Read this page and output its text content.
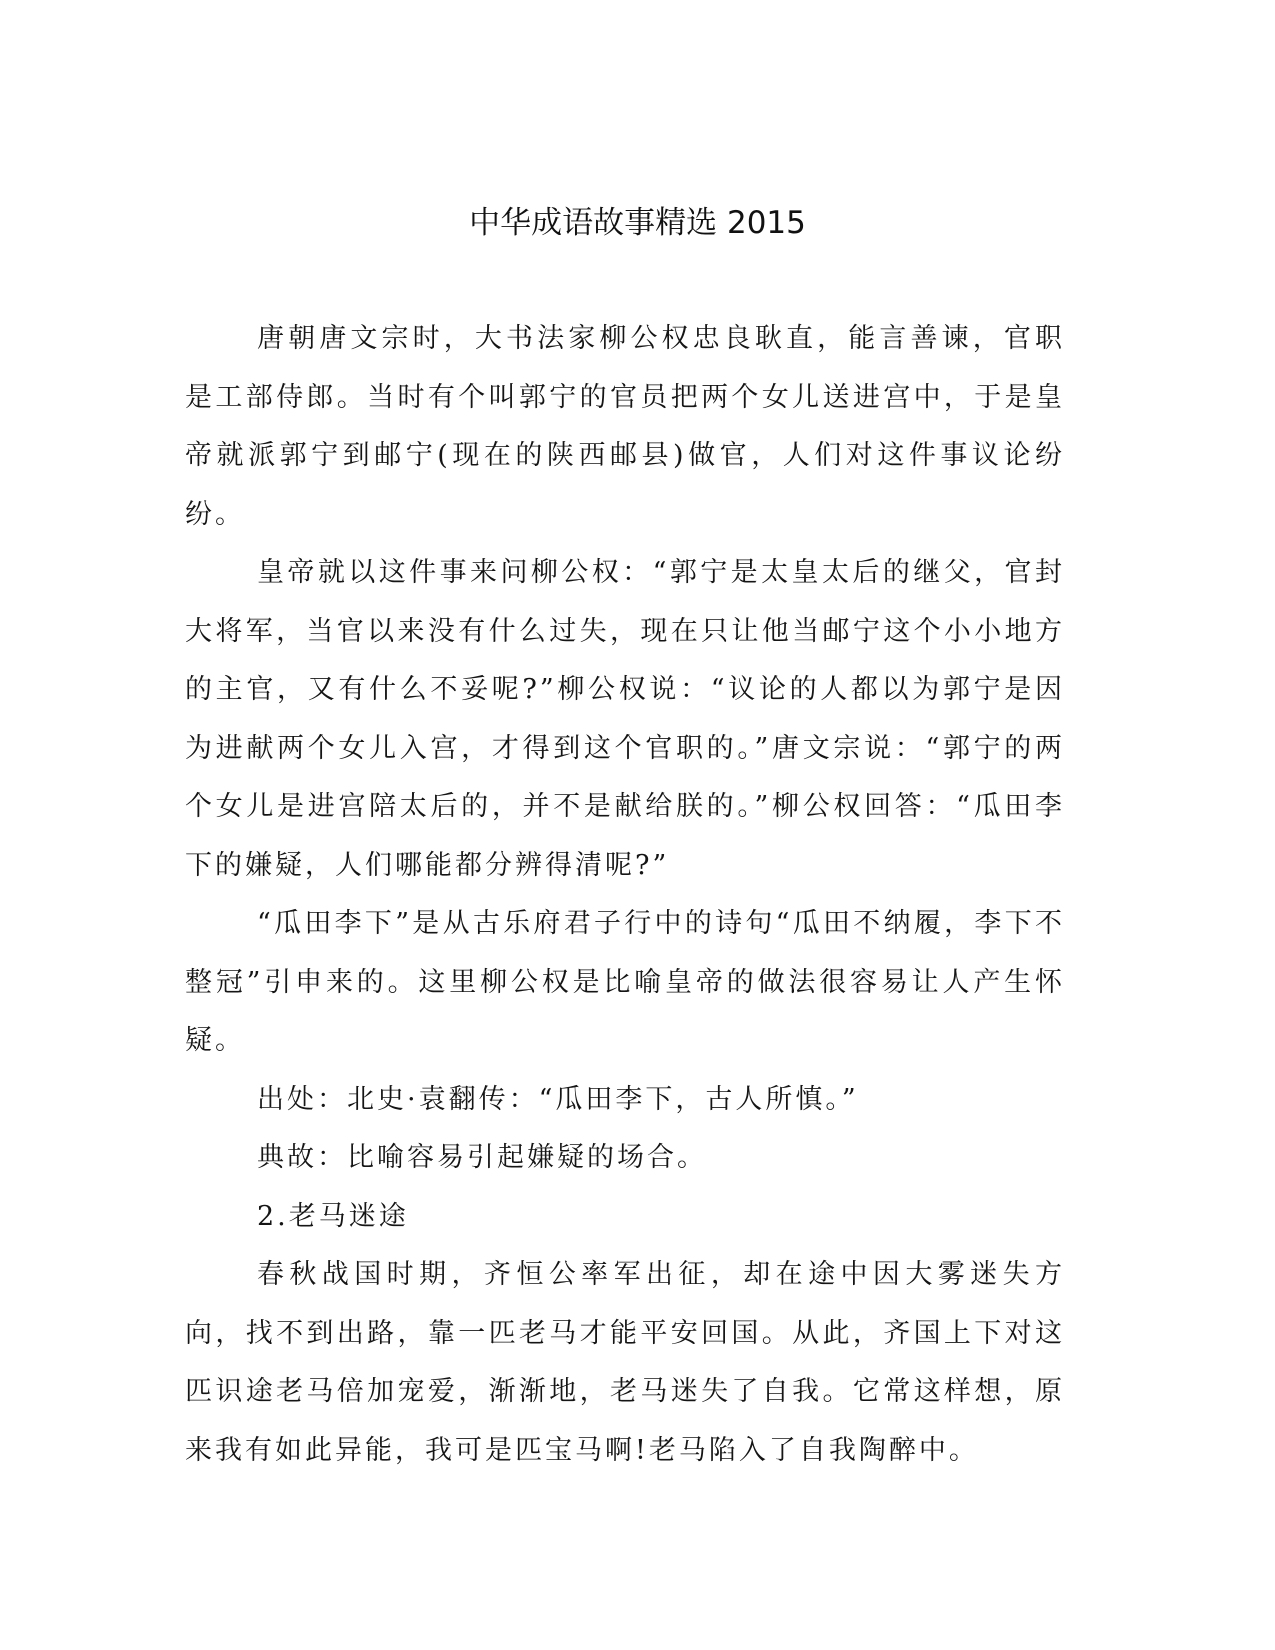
中华成语故事精选 2015

唐朝唐文宗时，大书法家柳公权忠良耿直，能言善谏，官职是工部侍郎。当时有个叫郭宁的官员把两个女儿送进宫中，于是皇帝就派郭宁到邮宁(现在的陕西邮县)做官，人们对这件事议论纷纷。

皇帝就以这件事来问柳公权：“郭宁是太皇太后的继父，官封大将军，当官以来没有什么过失，现在只让他当邮宁这个小小地方的主官，又有什么不妥呢?”柳公权说：“议论的人都以为郭宁是因为进献两个女儿入宫，才得到这个官职的。”唐文宗说：“郭宁的两个女儿是进宫陪太后的，并不是献给朕的。”柳公权回答：“瓜田李下的嫌疑，人们哪能都分辨得清呢?”

“瓜田李下”是从古乐府君子行中的诗句“瓜田不纳履，李下不整冠”引申来的。这里柳公权是比喻皇帝的做法很容易让人产生怀疑。

出处：北史·袁翻传：“瓜田李下，古人所慎。”

典故：比喻容易引起嫌疑的场合。

2.老马迷途

春秋战国时期，齐恒公率军出征，却在途中因大雾迷失方向，找不到出路，靠一匹老马才能平安回国。从此，齐国上下对这匹识途老马倍加宠爱，渐渐地，老马迷失了自我。它常这样想，原来我有如此异能，我可是匹宝马啊!老马陷入了自我陶醉中。
